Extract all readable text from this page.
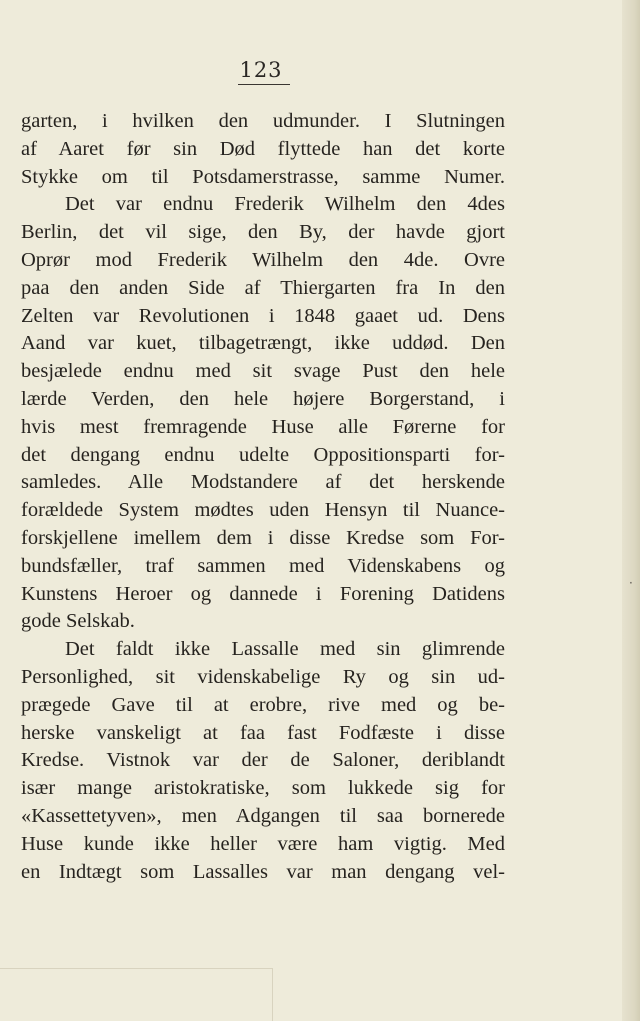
123
garten, i hvilken den udmunder. I Slutningen
af Aaret før sin Død flyttede han det korte
Stykke om til Potsdamerstrasse, samme Numer.
Det var endnu Frederik Wilhelm den 4des
Berlin, det vil sige, den By, der havde gjort
Oprør mod Frederik Wilhelm den 4de. Ovre
paa den anden Side af Thiergarten fra In den
Zelten var Revolutionen i 1848 gaaet ud. Dens
Aand var kuet, tilbagetrængt, ikke uddød. Den
besjælede endnu med sit svage Pust den hele
lærde Verden, den hele højere Borgerstand, i
hvis mest fremragende Huse alle Førerne for
det dengang endnu udelte Oppositionsparti for-
samledes. Alle Modstandere af det herskende
forældede System mødtes uden Hensyn til Nuance-
forskjellene imellem dem i disse Kredse som For-
bundsfæller, traf sammen med Videnskabens og
Kunstens Heroer og dannede i Forening Datidens
gode Selskab.
Det faldt ikke Lassalle med sin glimrende
Personlighed, sit videnskabelige Ry og sin ud-
prægede Gave til at erobre, rive med og be-
herske vanskeligt at faa fast Fodfæste i disse
Kredse. Vistnok var der de Saloner, deriblandt
især mange aristokratiske, som lukkede sig for
«Kassettetyven», men Adgangen til saa bornerede
Huse kunde ikke heller være ham vigtig. Med
en Indtægt som Lassalles var man dengang vel-
·
